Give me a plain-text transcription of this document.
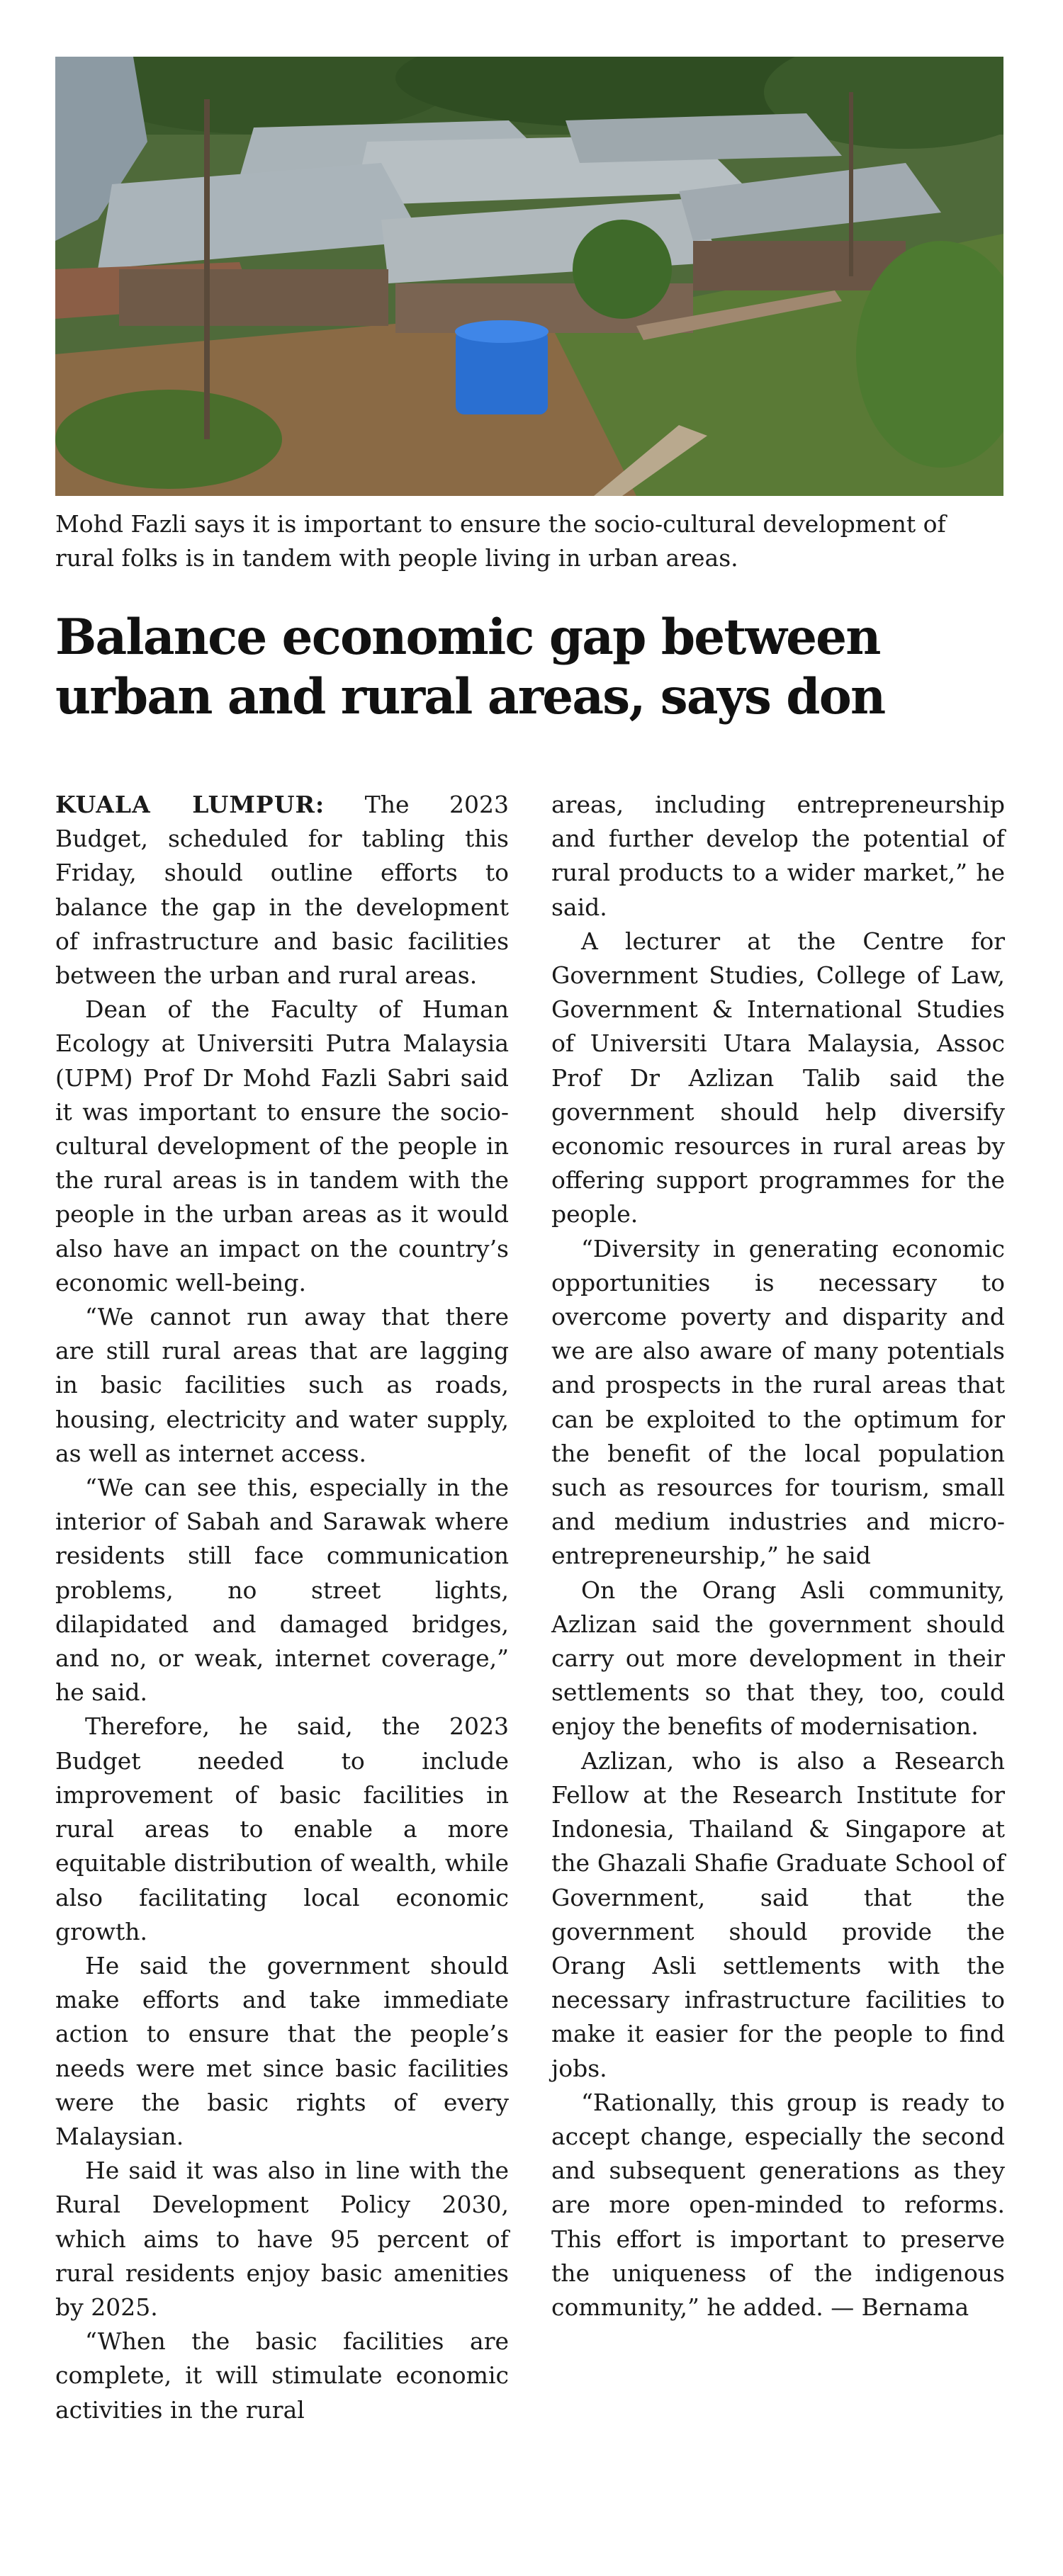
Mohd Fazli says it is important to ensure the socio-cultural development of rural folks is in tandem with people living in urban areas.

Balance economic gap between urban and rural areas, says don

KUALA LUMPUR: The 2023 Budget, scheduled for tabling this Friday, should outline efforts to balance the gap in the development of infrastructure and basic facilities between the urban and rural areas.

Dean of the Faculty of Human Ecology at Universiti Putra Malaysia (UPM) Prof Dr Mohd Fazli Sabri said it was important to ensure the socio-cultural development of the people in the rural areas is in tandem with the people in the urban areas as it would also have an impact on the country’s economic well-being.

“We cannot run away that there are still rural areas that are lagging in basic facilities such as roads, housing, electricity and water supply, as well as internet access.

“We can see this, especially in the interior of Sabah and Sarawak where residents still face communication problems, no street lights, dilapidated and damaged bridges, and no, or weak, internet coverage,” he said.

Therefore, he said, the 2023 Budget needed to include improvement of basic facilities in rural areas to enable a more equitable distribution of wealth, while also facilitating local economic growth.

He said the government should make efforts and take immediate action to ensure that the people’s needs were met since basic facilities were the basic rights of every Malaysian.

He said it was also in line with the Rural Development Policy 2030, which aims to have 95 percent of rural residents enjoy basic amenities by 2025.

“When the basic facilities are complete, it will stimulate economic activities in the rural

areas, including entrepreneurship and further develop the potential of rural products to a wider market,” he said.

A lecturer at the Centre for Government Studies, College of Law, Government & International Studies of Universiti Utara Malaysia, Assoc Prof Dr Azlizan Talib said the government should help diversify economic resources in rural areas by offering support programmes for the people.

“Diversity in generating economic opportunities is necessary to overcome poverty and disparity and we are also aware of many potentials and prospects in the rural areas that can be exploited to the optimum for the benefit of the local population such as resources for tourism, small and medium industries and micro-entrepreneurship,” he said

On the Orang Asli community, Azlizan said the government should carry out more development in their settlements so that they, too, could enjoy the benefits of modernisation.

Azlizan, who is also a Research Fellow at the Research Institute for Indonesia, Thailand & Singapore at the Ghazali Shafie Graduate School of Government, said that the government should provide the Orang Asli settlements with the necessary infrastructure facilities to make it easier for the people to find jobs.

“Rationally, this group is ready to accept change, especially the second and subsequent generations as they are more open-minded to reforms. This effort is important to preserve the uniqueness of the indigenous community,” he added. — Bernama
